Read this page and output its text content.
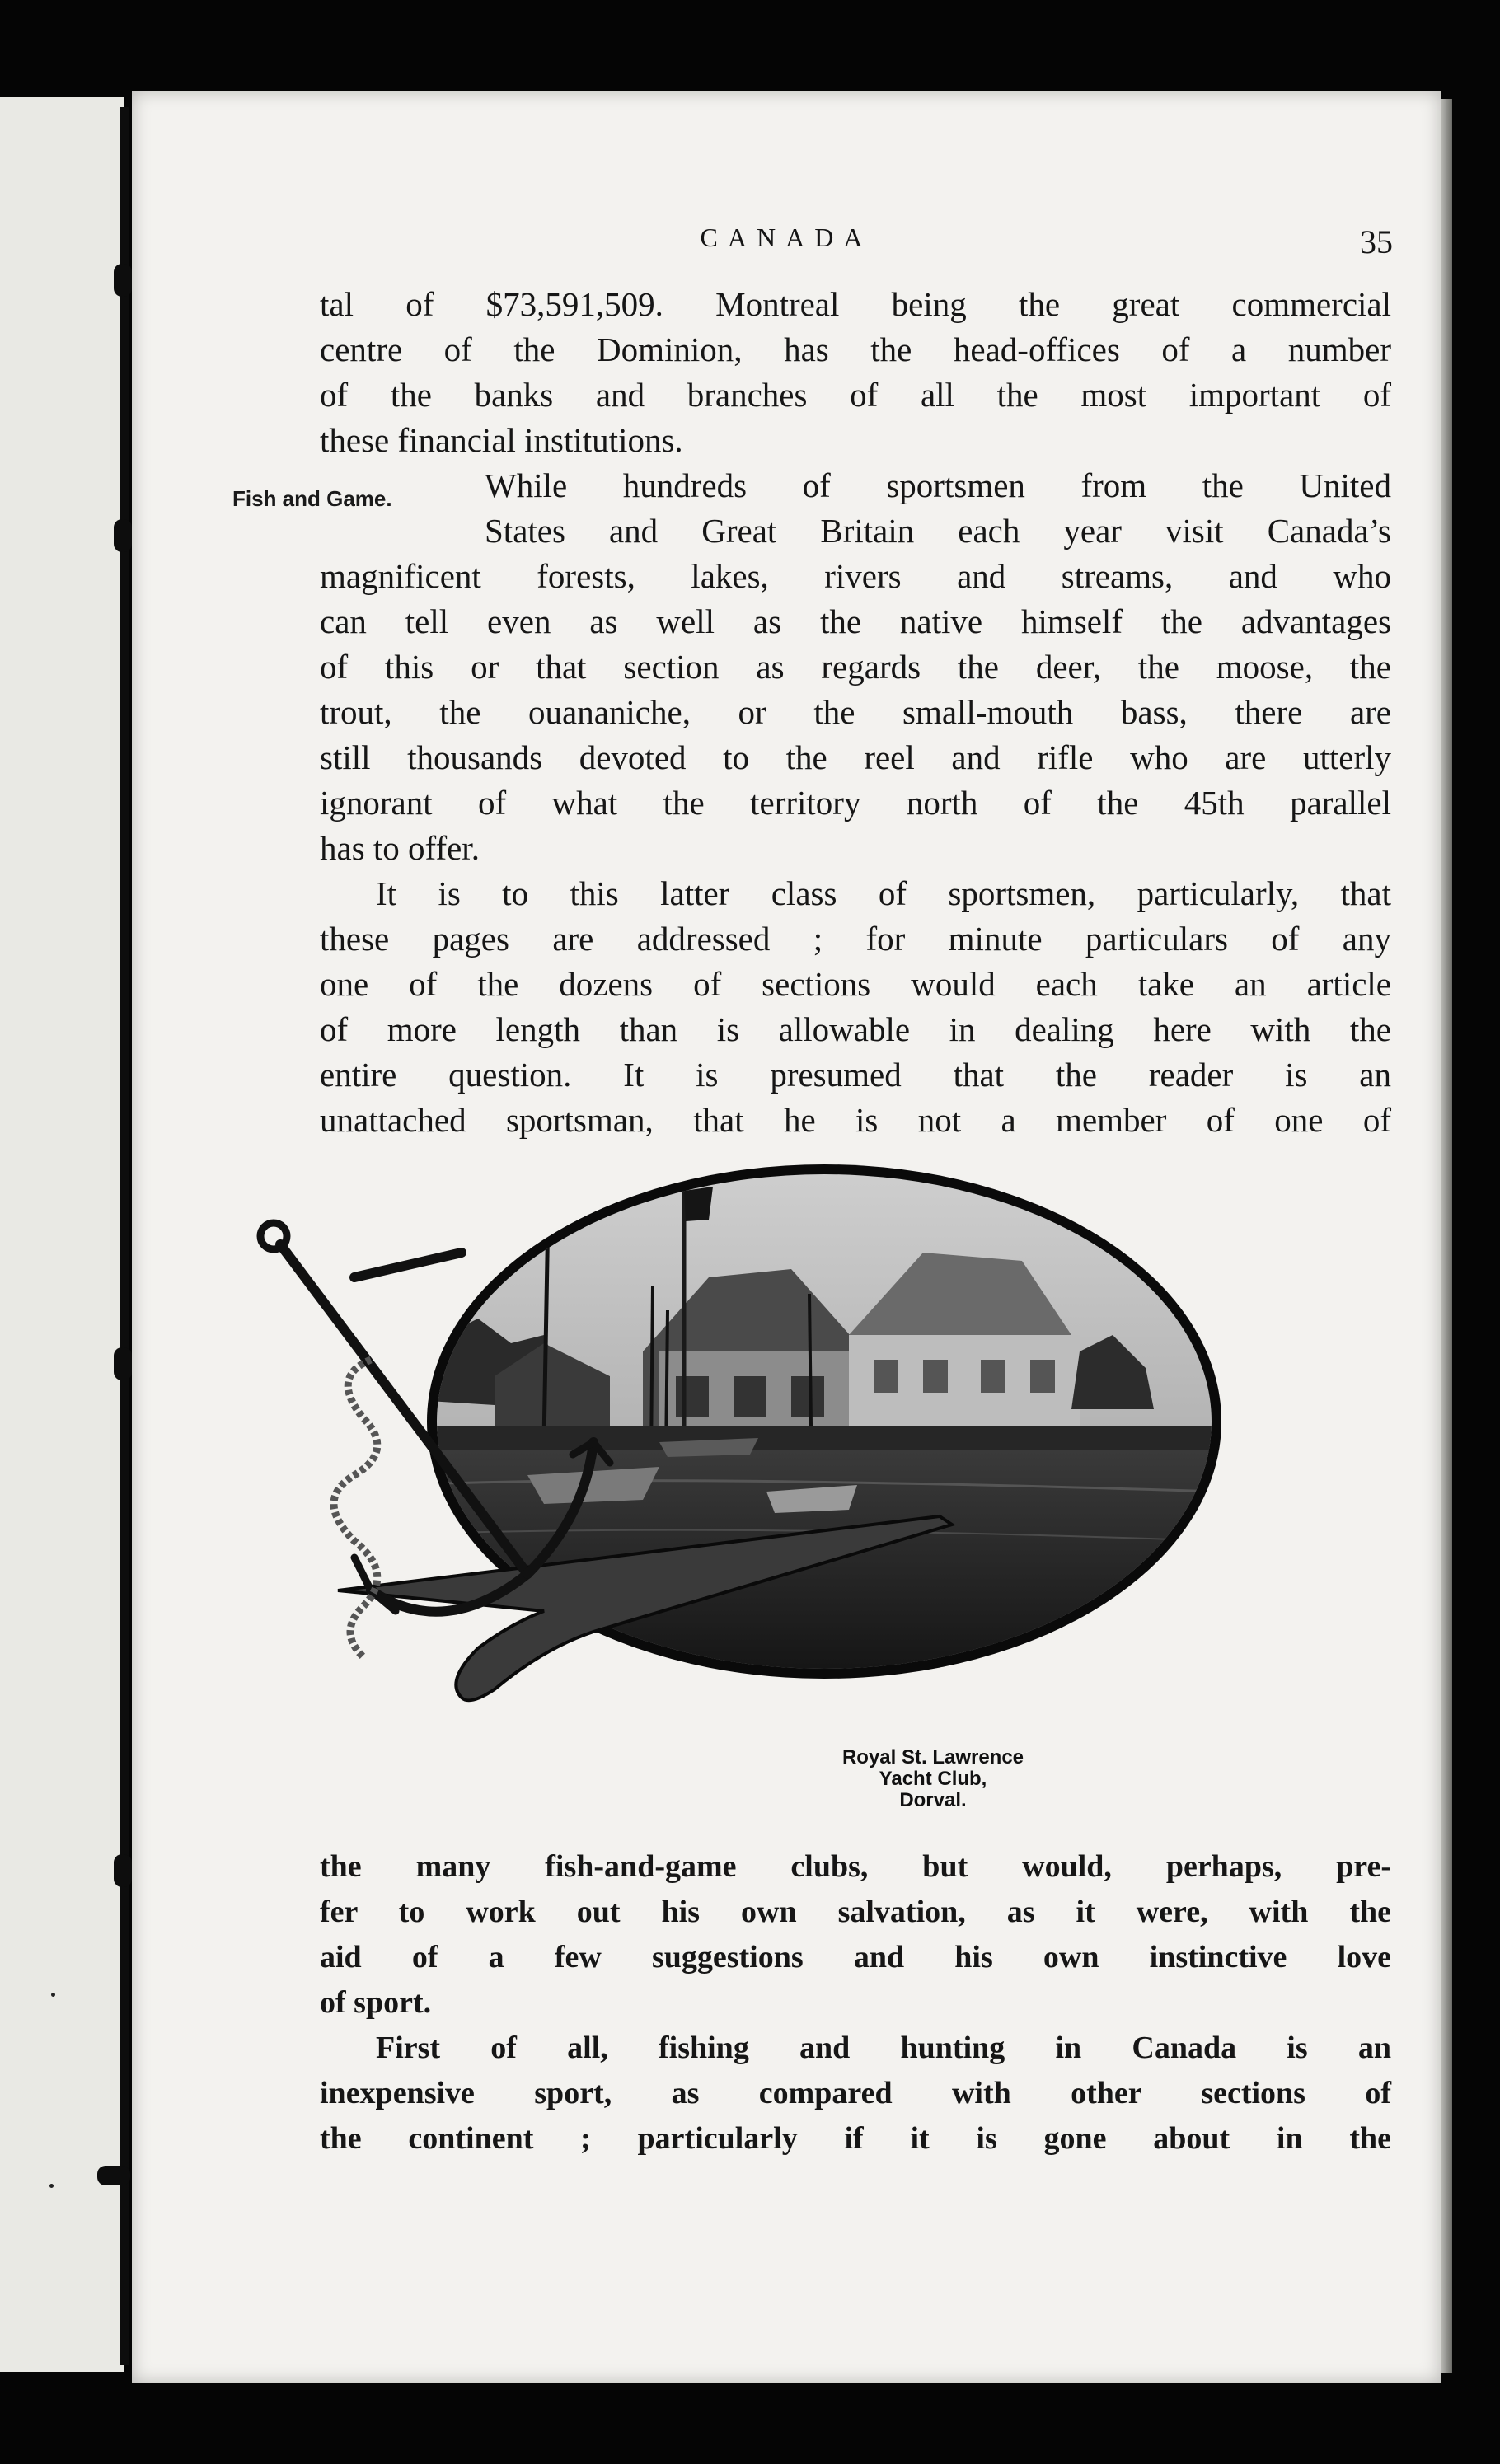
CANADA	35
Fish and Game.
tal of $73,591,509. Montreal being the great commercial
centre of the Dominion, has the head-offices of a number
of the banks and branches of all the most important of
these financial institutions.
While hundreds of sportsmen from the United
States and Great Britain each year visit Canada’s
magnificent forests, lakes, rivers and streams, and who
can tell even as well as the native himself the advantages
of this or that section as regards the deer, the moose, the
trout, the ouananiche, or the small-mouth bass, there are
still thousands devoted to the reel and rifle who are utterly
ignorant of what the territory north of the 45th parallel
has to offer.
It is to this latter class of sportsmen, particularly, that
these pages are addressed ; for minute particulars of any
one of the dozens of sections would each take an article
of more length than is allowable in dealing here with the
entire question. It is presumed that the reader is an
unattached sportsman, that he is not a member of one of
Royal St. Lawrence
Yacht Club,
Dorval.
the many fish-and-game clubs, but would, perhaps, pre-
fer to work out his own salvation, as it were, with the
aid of a few suggestions and his own instinctive love
of sport.
First of all, fishing and hunting in Canada is an
inexpensive sport, as compared with other sections of
the continent ; particularly if it is gone about in the
